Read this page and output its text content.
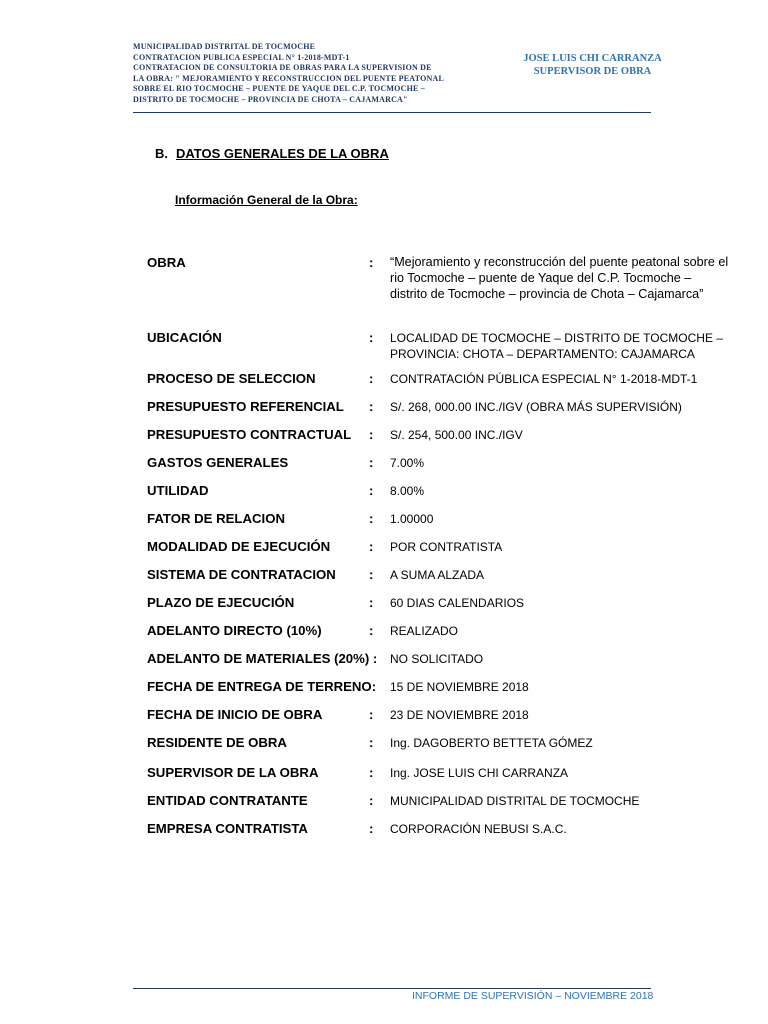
MUNICIPALIDAD DISTRITAL DE TOCMOCHE
CONTRATACION PUBLICA ESPECIAL N° 1-2018-MDT-1
CONTRATACION DE CONSULTORIA DE OBRAS PARA LA SUPERVISION DE
LA OBRA: " MEJORAMIENTO Y RECONSTRUCCION DEL PUENTE PEATONAL
SOBRE EL RIO TOCMOCHE – PUENTE DE YAQUE DEL C.P. TOCMOCHE –
DISTRITO DE TOCMOCHE – PROVINCIA DE CHOTA – CAJAMARCA"
JOSE LUIS CHI CARRANZA
SUPERVISOR DE OBRA
B. DATOS GENERALES DE LA OBRA
Información General de la Obra:
OBRA	: “Mejoramiento y reconstrucción del puente peatonal sobre el rio Tocmoche – puente de Yaque del C.P. Tocmoche – distrito de Tocmoche – provincia de Chota – Cajamarca”
UBICACIÓN	: LOCALIDAD DE TOCMOCHE – DISTRITO DE TOCMOCHE – PROVINCIA: CHOTA – DEPARTAMENTO: CAJAMARCA
PROCESO DE SELECCION	: CONTRATACIÓN PÚBLICA ESPECIAL N° 1-2018-MDT-1
PRESUPUESTO REFERENCIAL : S/. 268, 000.00 INC./IGV (OBRA MÁS SUPERVISIÓN)
PRESUPUESTO CONTRACTUAL : S/. 254, 500.00 INC./IGV
GASTOS GENERALES	: 7.00%
UTILIDAD	: 8.00%
FATOR DE RELACION	: 1.00000
MODALIDAD DE EJECUCIÓN	: POR CONTRATISTA
SISTEMA DE CONTRATACION	: A SUMA ALZADA
PLAZO DE EJECUCIÓN	: 60 DIAS CALENDARIOS
ADELANTO DIRECTO (10%)	: REALIZADO
ADELANTO DE MATERIALES (20%) : NO SOLICITADO
FECHA DE ENTREGA DE TERRENO: 15 DE NOVIEMBRE 2018
FECHA DE INICIO DE OBRA	: 23 DE NOVIEMBRE 2018
RESIDENTE DE OBRA	: Ing. DAGOBERTO BETTETA GÓMEZ
SUPERVISOR DE LA OBRA	: Ing. JOSE LUIS CHI CARRANZA
ENTIDAD CONTRATANTE	: MUNICIPALIDAD DISTRITAL DE TOCMOCHE
EMPRESA CONTRATISTA	: CORPORACIÓN NEBUSI S.A.C.
INFORME DE SUPERVISIÓN – NOVIEMBRE 2018
